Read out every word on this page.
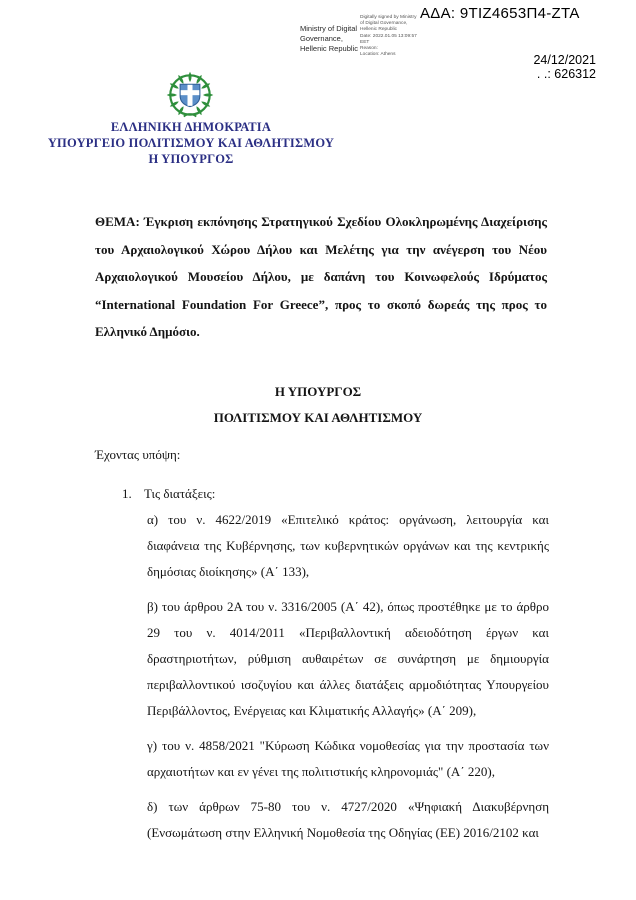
ΑΔΑ: 9ΤΙΖ4653Π4-ΖΤΑ
Ministry of Digital
Governance,
Hellenic Republic
Digitally signed by Ministry
of Digital Governance,
Hellenic Republic
Date: 2022.01.05 13:09:57
EET
Reason:
Location: Athens	24/12/2021
. .: 626312
ΕΛΛΗΝΙΚΗ ΔΗΜΟΚΡΑΤΙΑ
ΥΠΟΥΡΓΕΙΟ ΠΟΛΙΤΙΣΜΟΥ ΚΑΙ ΑΘΛΗΤΙΣΜΟΥ
Η ΥΠΟΥΡΓΟΣ

ΘΕΜΑ: Έγκριση εκπόνησης Στρατηγικού Σχεδίου Ολοκληρωμένης Διαχείρισης του Αρχαιολογικού Χώρου Δήλου και Μελέτης για την ανέγερση του Νέου Αρχαιολογικού Μουσείου Δήλου, με δαπάνη του Κοινωφελούς Ιδρύματος “International Foundation For Greece”, προς το σκοπό δωρεάς της προς το Ελληνικό Δημόσιο.

Η ΥΠΟΥΡΓΟΣ
ΠΟΛΙΤΙΣΜΟΥ ΚΑΙ ΑΘΛΗΤΙΣΜΟΥ

Έχοντας υπόψη:

1. Τις διατάξεις:

α) του ν. 4622/2019 «Επιτελικό κράτος: οργάνωση, λειτουργία και διαφάνεια της Κυβέρνησης, των κυβερνητικών οργάνων και της κεντρικής δημόσιας διοίκησης» (Α΄ 133),

β) του άρθρου 2Α του ν. 3316/2005 (Α΄ 42), όπως προστέθηκε με το άρθρο 29 του ν. 4014/2011 «Περιβαλλοντική αδειοδότηση έργων και δραστηριοτήτων, ρύθμιση αυθαιρέτων σε συνάρτηση με δημιουργία περιβαλλοντικού ισοζυγίου και άλλες διατάξεις αρμοδιότητας Υπουργείου Περιβάλλοντος, Ενέργειας και Κλιματικής Αλλαγής» (Α΄ 209),

γ) του ν. 4858/2021 "Κύρωση Κώδικα νομοθεσίας για την προστασία των αρχαιοτήτων και εν γένει της πολιτιστικής κληρονομιάς" (Α΄ 220),

δ) των άρθρων 75-80 του ν. 4727/2020 «Ψηφιακή Διακυβέρνηση (Ενσωμάτωση στην Ελληνική Νομοθεσία της Οδηγίας (ΕΕ) 2016/2102 και
